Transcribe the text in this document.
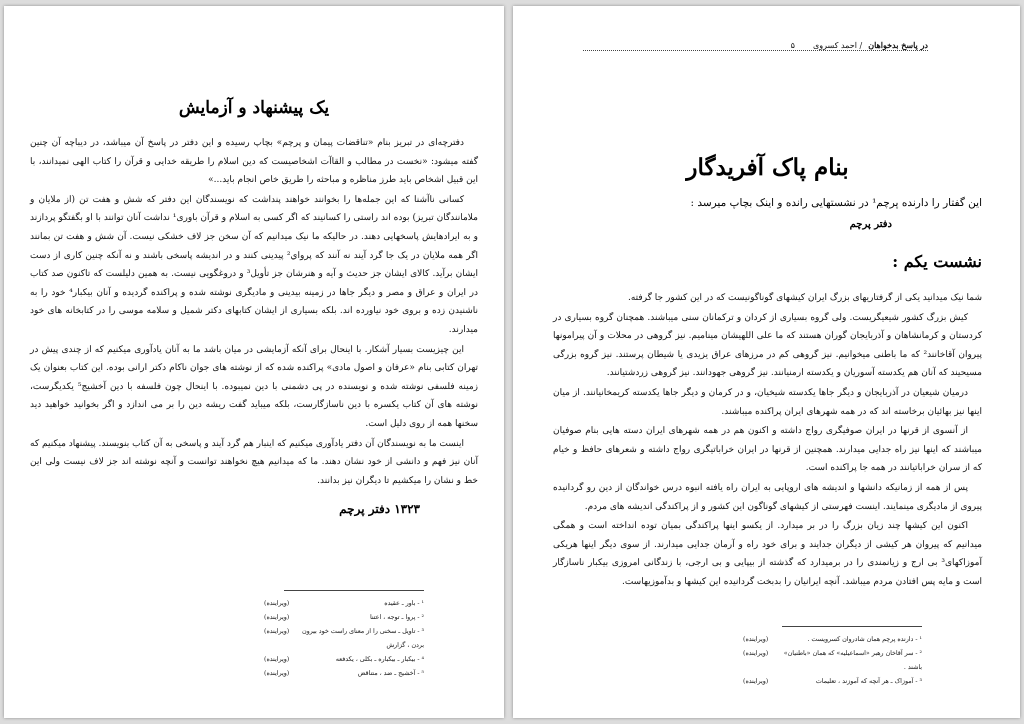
یک پیشنهاد و آزمایش

دفترچه‌ای در تبریز بنام «تناقضات پیمان و پرچم» بچاپ رسیده و این دفتر در پاسخ آن میباشد، در دیباچه آن چنین گفته میشود: «نخست در مطالب و القاآت اشخاصیست که دین اسلام را طریقه خدایی و قرآن را کتاب الهی نمیدانند، با این قبیل اشخاص باید طرز مناظره و مباحثه را طریق خاص انجام باید...»

کسانی ناآشنا که این جمله‌ها را بخوانند خواهند پنداشت که نویسندگان این دفتر که شش و هفت تن (از ملایان و ملامانندگان تبریز) بوده اند راستی را کسانیند که اگر کسی به اسلام و قرآن باوری¹ نداشت آنان توانند با او بگفتگو پردازند و به ایرادهایش پاسخهایی دهند. در حالیکه ما نیک میدانیم که آن سخن جز لاف خشکی نیست. آن شش و هفت تن بمانند اگر همه ملایان در یک جا گرد آیند نه آنند که پرواي² پیدینی کنند و در اندیشه پاسخی باشند و نه آنکه چنین کاری از دست ایشان برآید. کالای ایشان جز حدیث و آیه و هنرشان جز تأویل³ و دروغگویی نیست. به همین دلیلست که تاکنون صد کتاب در ایران و عراق و مصر و دیگر جاها در زمینه بیدینی و مادیگری نوشته شده و پراکنده گردیده و آنان بیکبار⁴ خود را به ناشنیدن زده و بروی خود نیاورده اند. بلکه بسیاری از ایشان کتابهای دکتر شمیل و سلامه موسی را در کتابخانه های خود میدارند.

این چیزیست بسیار آشکار. با اینحال برای آنکه آزمایشی در میان باشد ما به آنان یادآوری میکنیم که از چندی پیش در تهران کتابی بنام «عرفان و اصول مادی» پراکنده شده که از نوشته های جوان ناکام دکتر ارانی بوده. این کتاب بعنوان یک زمینه فلسفی نوشته شده و نویسنده در پی دشمنی با دین نمیبوده. با اینحال چون فلسفه با دین آخشیج⁵ یکدیگرست، نوشته های آن کتاب یکسره با دین ناسازگارست، بلکه میباید گفت ریشه دین را بر می اندازد و اگر بخوانید خواهید دید سخنها همه از روی دلیل است.

اینست ما به نویسندگان آن دفتر یادآوری میکنیم که اینبار هم گرد آیند و پاسخی به آن کتاب بنویسند. پیشنهاد میکنیم که آنان نیز فهم و دانشی از خود نشان دهند. ما که میدانیم هیچ نخواهند توانست و آنچه نوشته اند جز لاف نیست ولی این خط و نشان را میکشیم تا دیگران نیز بدانند.

۱۳۲۳ دفتر پرچم
¹ - باور ـ عقیده
(ویراینده)
² - پروا ـ توجه ، اعتنا
(ویراینده)
³ - تاویل ـ سخنی را از معنای راست خود بیرون بردن ، گزارش
(ویراینده)
⁴ - بیکبار ـ بیکباره ـ بکلی ، یکدفعه
(ویراینده)
⁵ - آخشیج ـ ضد ، متناقض
(ویراینده)
در پاسخ بدخواهان
/ احمد کسروی
۵
بنام پاک آفریدگار
این گفتار را دارنده پرچم¹ در نشستهایی رانده و اینک بچاپ میرسد :
دفتر پرچم
نشست یکم :

شما نیک میدانید یکی از گرفتاریهای بزرگ ایران کیشهای گوناگونیست که در این کشور جا گرفته.

کیش بزرگ کشور شیعیگریست. ولی گروه بسیاری از کردان و ترکمانان سنی میباشند. همچنان گروه بسیاری در کردستان و کرمانشاهان و آذربایجان گوران هستند که ما علی اللهیشان مینامیم. نیز گروهی در محلات و آن پیرامونها پیروان آقاخانند² که ما باطنی میخوانیم. نیز گروهی کم در مرزهای عراق یزیدی یا شیطان پرستند. نیز گروه بزرگی مسیحیند که آنان هم یکدسته آسوریان و یکدسته ارمنیانند. نیز گروهی جهودانند. نیز گروهی زردشتیانند.

درمیان شیعیان در آذربایجان و دیگر جاها یکدسته شیخیان، و در کرمان و دیگر جاها یکدسته کریمخانیانند. از میان اینها نیز بهائیان برخاسته اند که در همه شهرهای ایران پراکنده میباشند.

از آنسوی از قرنها در ایران صوفیگری رواج داشته و اکنون هم در همه شهرهای ایران دسته هایی بنام صوفیان میباشند که اینها نیز راه جدایی میدارند. همچنین از قرنها در ایران خراباتیگری رواج داشته و شعرهای حافظ و خیام که از سران خراباتیانند در همه جا پراکنده است.

پس از همه از زمانیکه دانشها و اندیشه های اروپایی به ایران راه یافته انبوه درس خواندگان از دین رو گردانیده پیروی از مادیگری مینمایند. اینست فهرستی از کیشهای گوناگون این کشور و از پراکندگی اندیشه های مردم.

اکنون این کیشها چند زیان بزرگ را در بر میدارد. از یکسو اینها پراکندگی بمیان توده انداخته است و همگی میدانیم که پیروان هر کیشی از دیگران جدایند و برای خود راه و آرمان جدایی میدارند. از سوی دیگر اینها هریکی آموزاکهای³ بی ارج و زیانمندی را در برمیدارد که گذشته از بیپایی و بی ارجی، با زندگانی امروزی بیکبار ناسازگار است و مایه پس افتادن مردم میباشد. آنچه ایرانیان را بدبخت گردانیده این کیشها و بدآموزیهاست.

¹ - دارنده پرچم همان شادروان کسرویست .
(ویراینده)
² - سر آقاخان رهبر «اسماعیلیه» که همان «باطنیان» باشند .
(ویراینده)
³ - آموزاک ـ هر آنچه که آموزند ، تعلیمات
(ویراینده)
